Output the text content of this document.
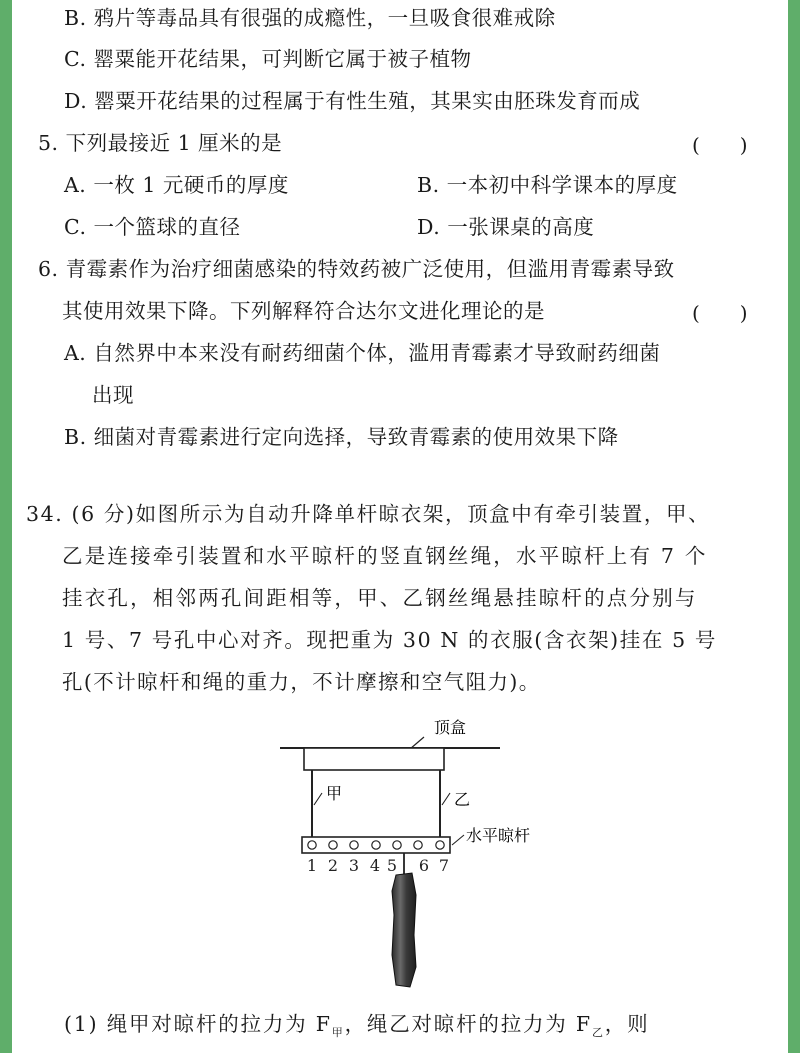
B. 鸦片等毒品具有很强的成瘾性，一旦吸食很难戒除
C. 罂粟能开花结果，可判断它属于被子植物
D. 罂粟开花结果的过程属于有性生殖，其果实由胚珠发育而成
5. 下列最接近 1 厘米的是	(　　)
A. 一枚 1 元硬币的厚度	B. 一本初中科学课本的厚度
C. 一个篮球的直径	D. 一张课桌的高度
6. 青霉素作为治疗细菌感染的特效药被广泛使用，但滥用青霉素导致
其使用效果下降。下列解释符合达尔文进化理论的是	(　　)
A. 自然界中本来没有耐药细菌个体，滥用青霉素才导致耐药细菌
出现
B. 细菌对青霉素进行定向选择，导致青霉素的使用效果下降
34. (6 分)如图所示为自动升降单杆晾衣架，顶盒中有牵引装置，甲、
乙是连接牵引装置和水平晾杆的竖直钢丝绳，水平晾杆上有 7 个
挂衣孔，相邻两孔间距相等，甲、乙钢丝绳悬挂晾杆的点分别与
1 号、7 号孔中心对齐。现把重为 30 N 的衣服(含衣架)挂在 5 号
孔(不计晾杆和绳的重力，不计摩擦和空气阻力)。
顶盒
甲	乙
水平晾杆
1 2 3 4 5 6 7
(1) 绳甲对晾杆的拉力为 $F_甲$，绳乙对晾杆的拉力为 $F_乙$，则
